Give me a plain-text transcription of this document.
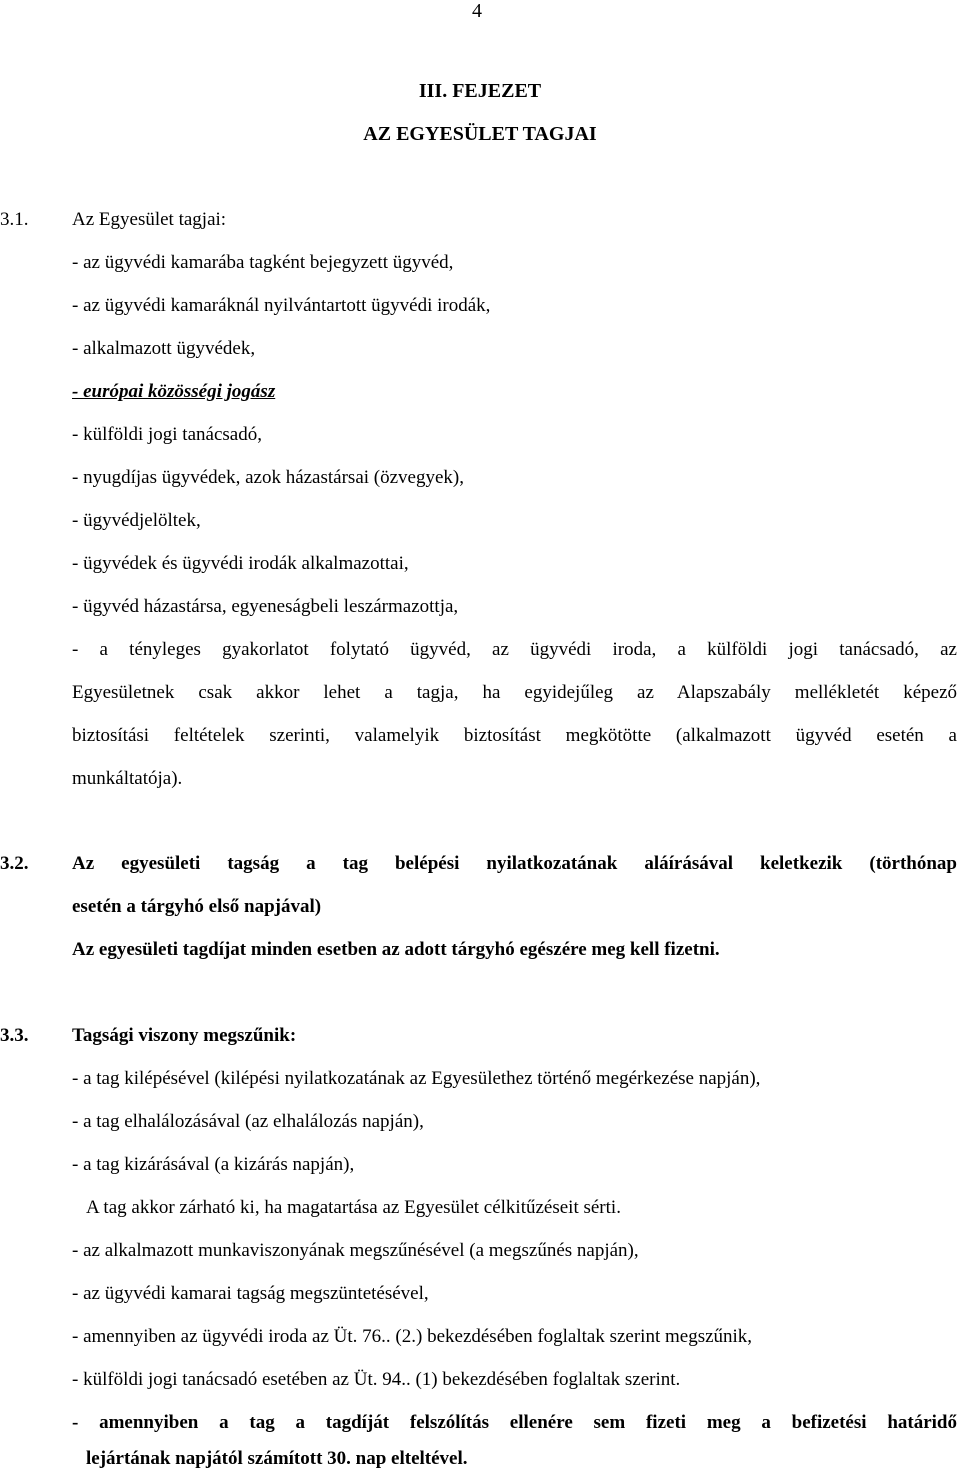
4
III. FEJEZET
AZ EGYESÜLET TAGJAI
3.1. Az Egyesület tagjai:
- az ügyvédi kamarába tagként bejegyzett ügyvéd,
- az ügyvédi kamaráknál nyilvántartott ügyvédi irodák,
- alkalmazott ügyvédek,
- európai közösségi jogász
- külföldi jogi tanácsadó,
- nyugdíjas ügyvédek, azok házastársai (özvegyek),
- ügyvédjelöltek,
- ügyvédek és ügyvédi irodák alkalmazottai,
- ügyvéd házastársa, egyeneságbeli leszármazottja,
- a tényleges gyakorlatot folytató ügyvéd, az ügyvédi iroda, a külföldi jogi tanácsadó, az
Egyesületnek csak akkor lehet a tagja, ha egyidejűleg az Alapszabály mellékletét képező
biztosítási feltételek szerinti, valamelyik biztosítást megkötötte (alkalmazott ügyvéd esetén a
munkáltatója).
3.2. Az egyesületi tagság a tag belépési nyilatkozatának aláírásával keletkezik (törthónap
esetén a tárgyhó első napjával)
Az egyesületi tagdíjat minden esetben az adott tárgyhó egészére meg kell fizetni.
3.3. Tagsági viszony megszűnik:
- a tag kilépésével (kilépési nyilatkozatának az Egyesülethez történő megérkezése napján),
- a tag elhalálozásával (az elhalálozás napján),
- a tag kizárásával (a kizárás napján),
A tag akkor zárható ki, ha magatartása az Egyesület célkitűzéseit sérti.
- az alkalmazott munkaviszonyának megszűnésével (a megszűnés napján),
- az ügyvédi kamarai tagság megszüntetésével,
- amennyiben az ügyvédi iroda az Üt. 76.. (2.) bekezdésében foglaltak szerint megszűnik,
- külföldi jogi tanácsadó esetében az Üt. 94.. (1) bekezdésében foglaltak szerint.
- amennyiben a tag a tagdíját felszólítás ellenére sem fizeti meg a befizetési határidő
lejártának napjától számított 30. nap elteltével.
